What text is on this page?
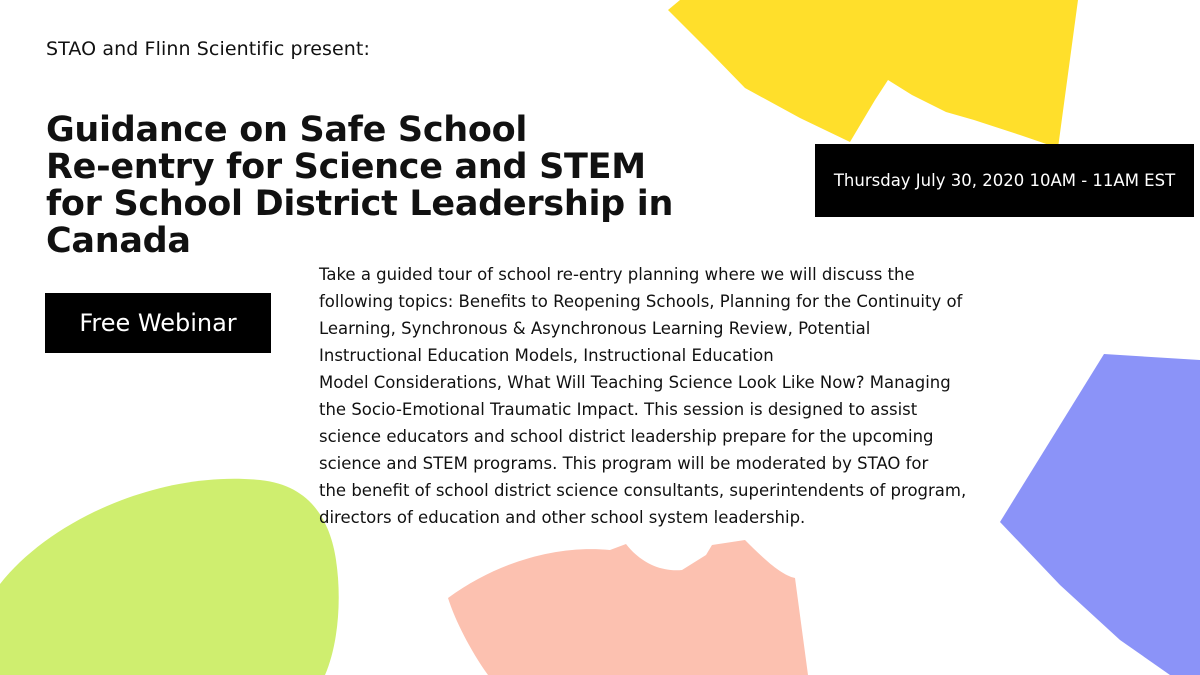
STAO and Flinn Scientific present:
Guidance on Safe School
Re-entry for Science and STEM
for School District Leadership in
Canada
Thursday July 30, 2020 10AM - 11AM EST
Free Webinar
Take a guided tour of school re-entry planning where we will discuss the
following topics: Benefits to Reopening Schools, Planning for the Continuity of
Learning, Synchronous & Asynchronous Learning Review, Potential
Instructional Education Models, Instructional Education
Model Considerations, What Will Teaching Science Look Like Now? Managing
the Socio-Emotional Traumatic Impact. This session is designed to assist
science educators and school district leadership prepare for the upcoming
science and STEM programs. This program will be moderated by STAO for
the benefit of school district science consultants, superintendents of program,
directors of education and other school system leadership.
